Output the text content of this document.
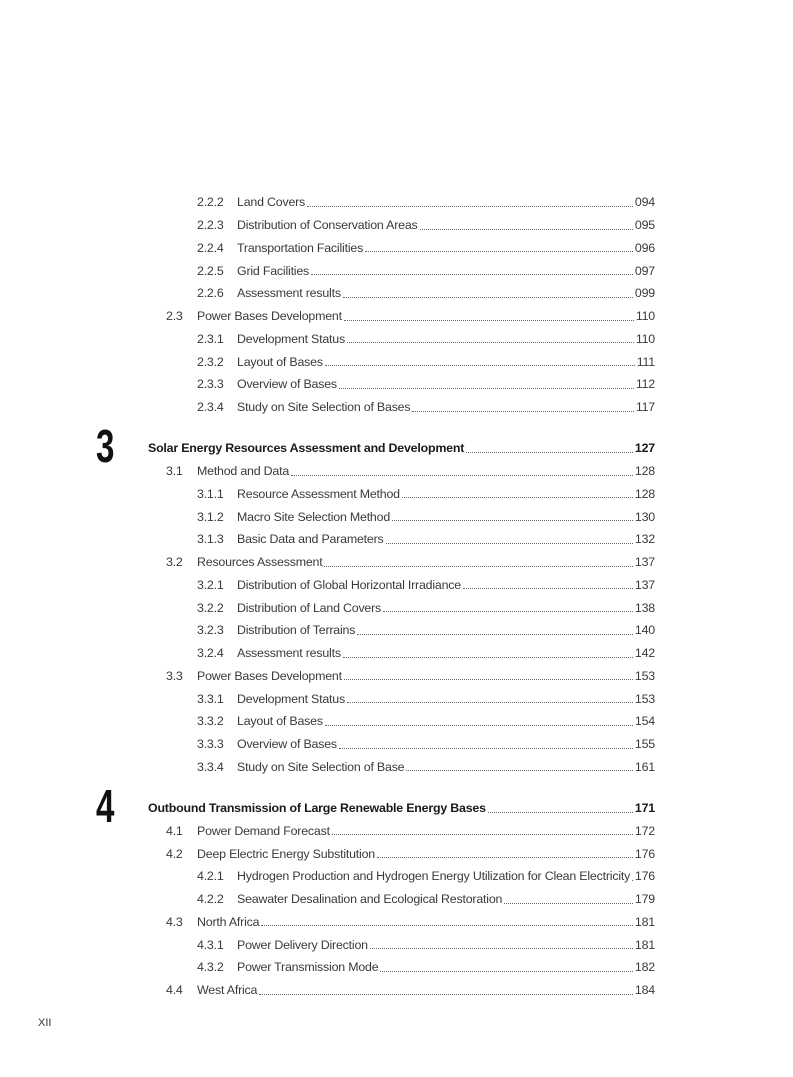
2.2.2 Land Covers	094
2.2.3 Distribution of Conservation Areas	095
2.2.4 Transportation Facilities	096
2.2.5 Grid Facilities	097
2.2.6 Assessment results	099
2.3 Power Bases Development	110
2.3.1 Development Status	110
2.3.2 Layout of Bases	111
2.3.3 Overview of Bases	112
2.3.4 Study on Site Selection of Bases	117
3	Solar Energy Resources Assessment and Development	127
3.1 Method and Data	128
3.1.1 Resource Assessment Method	128
3.1.2 Macro Site Selection Method	130
3.1.3 Basic Data and Parameters	132
3.2 Resources Assessment	137
3.2.1 Distribution of Global Horizontal Irradiance	137
3.2.2 Distribution of Land Covers	138
3.2.3 Distribution of Terrains	140
3.2.4 Assessment results	142
3.3 Power Bases Development	153
3.3.1 Development Status	153
3.3.2 Layout of Bases	154
3.3.3 Overview of Bases	155
3.3.4 Study on Site Selection of Base	161
4	Outbound Transmission of Large Renewable Energy Bases	171
4.1 Power Demand Forecast	172
4.2 Deep Electric Energy Substitution	176
4.2.1 Hydrogen Production and Hydrogen Energy Utilization for Clean Electricity 176
4.2.2 Seawater Desalination and Ecological Restoration	179
4.3 North Africa	181
4.3.1 Power Delivery Direction	181
4.3.2 Power Transmission Mode	182
4.4 West Africa	184
XII
